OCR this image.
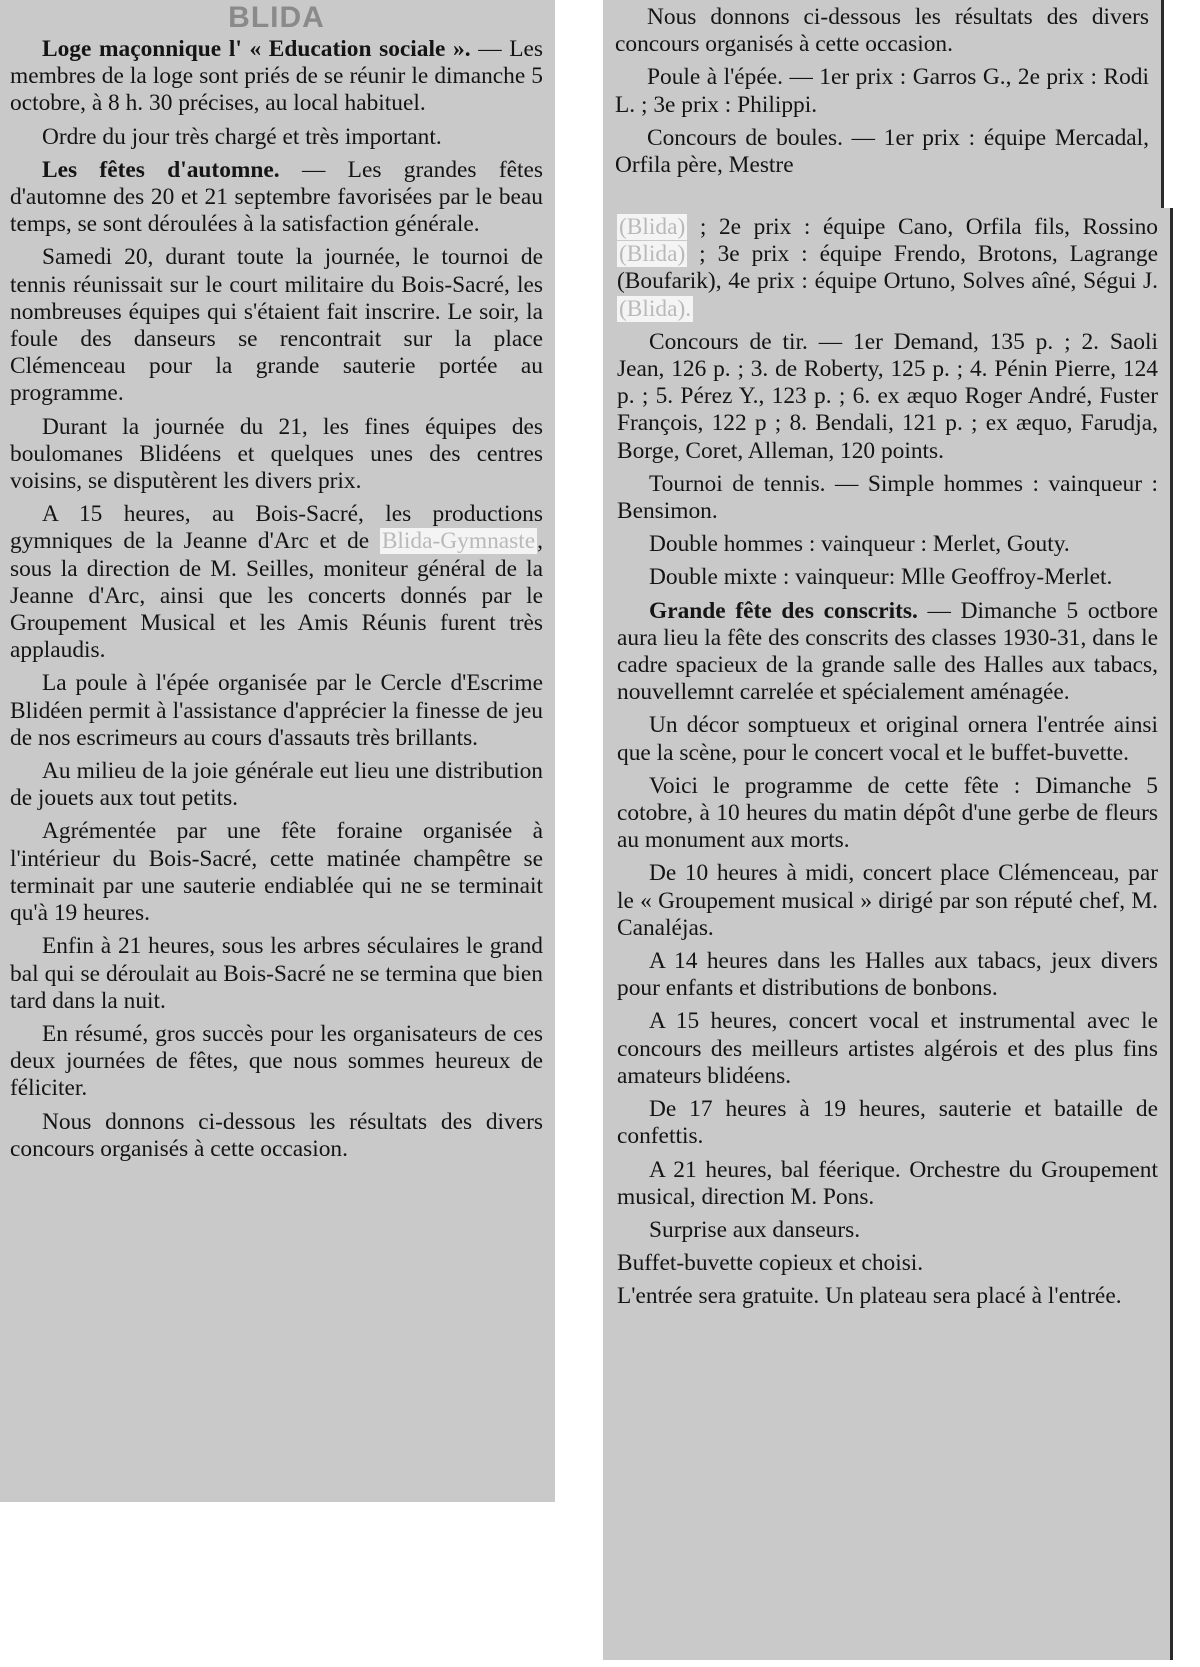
BLIDA

Loge maçonnique l' « Education sociale ». — Les membres de la loge sont priés de se réunir le dimanche 5 octobre, à 8 h. 30 précises, au local habituel.

Ordre du jour très chargé et très important.

Les fêtes d'automne. — Les grandes fêtes d'automne des 20 et 21 septembre favorisées par le beau temps, se sont déroulées à la satisfaction générale.

Samedi 20, durant toute la journée, le tournoi de tennis réunissait sur le court militaire du Bois-Sacré, les nombreuses équipes qui s'étaient fait inscrire. Le soir, la foule des danseurs se rencontrait sur la place Clémenceau pour la grande sauterie portée au programme.

Durant la journée du 21, les fines équipes des boulomanes Blidéens et quelques unes des centres voisins, se disputèrent les divers prix.

A 15 heures, au Bois-Sacré, les productions gymniques de la Jeanne d'Arc et de Blida-Gymnaste, sous la direction de M. Seilles, moniteur général de la Jeanne d'Arc, ainsi que les concerts donnés par le Groupement Musical et les Amis Réunis furent très applaudis.

La poule à l'épée organisée par le Cercle d'Escrime Blidéen permit à l'assistance d'apprécier la finesse de jeu de nos escrimeurs au cours d'assauts très brillants.

Au milieu de la joie générale eut lieu une distribution de jouets aux tout petits.

Agrémentée par une fête foraine organisée à l'intérieur du Bois-Sacré, cette matinée champêtre se terminait par une sauterie endiablée qui ne se terminait qu'à 19 heures.

Enfin à 21 heures, sous les arbres séculaires le grand bal qui se déroulait au Bois-Sacré ne se termina que bien tard dans la nuit.

En résumé, gros succès pour les organisateurs de ces deux journées de fêtes, que nous sommes heureux de féliciter.

Nous donnons ci-dessous les résultats des divers concours organisés à cette occasion.

Nous donnons ci-dessous les résultats des divers concours organisés à cette occasion.

Poule à l'épée. — 1er prix : Garros G., 2e prix : Rodi L. ; 3e prix : Philippi.

Concours de boules. — 1er prix : équipe Mercadal, Orfila père, Mestre

(Blida) ; 2e prix : équipe Cano, Orfila fils, Rossino (Blida) ; 3e prix : équipe Frendo, Brotons, Lagrange (Boufarik), 4e prix : équipe Ortuno, Solves aîné, Ségui J. (Blida).

Concours de tir. — 1er Demand, 135 p. ; 2. Saoli Jean, 126 p. ; 3. de Roberty, 125 p. ; 4. Pénin Pierre, 124 p. ; 5. Pérez Y., 123 p. ; 6. ex æquo Roger André, Fuster François, 122 p ; 8. Bendali, 121 p. ; ex æquo, Farudja, Borge, Coret, Alleman, 120 points.

Tournoi de tennis. — Simple hommes : vainqueur : Bensimon.

Double hommes : vainqueur : Merlet, Gouty.

Double mixte : vainqueur: Mlle Geoffroy-Merlet.

Grande fête des conscrits. — Dimanche 5 octbore aura lieu la fête des conscrits des classes 1930-31, dans le cadre spacieux de la grande salle des Halles aux tabacs, nouvellemnt carrelée et spécialement aménagée.

Un décor somptueux et original ornera l'entrée ainsi que la scène, pour le concert vocal et le buffet-buvette.

Voici le programme de cette fête : Dimanche 5 cotobre, à 10 heures du matin dépôt d'une gerbe de fleurs au monument aux morts.

De 10 heures à midi, concert place Clémenceau, par le « Groupement musical » dirigé par son réputé chef, M. Canaléjas.

A 14 heures dans les Halles aux tabacs, jeux divers pour enfants et distributions de bonbons.

A 15 heures, concert vocal et instrumental avec le concours des meilleurs artistes algérois et des plus fins amateurs blidéens.

De 17 heures à 19 heures, sauterie et bataille de confettis.

A 21 heures, bal féerique. Orchestre du Groupement musical, direction M. Pons.

Surprise aux danseurs.

Buffet-buvette copieux et choisi.

L'entrée sera gratuite. Un plateau sera placé à l'entrée.
